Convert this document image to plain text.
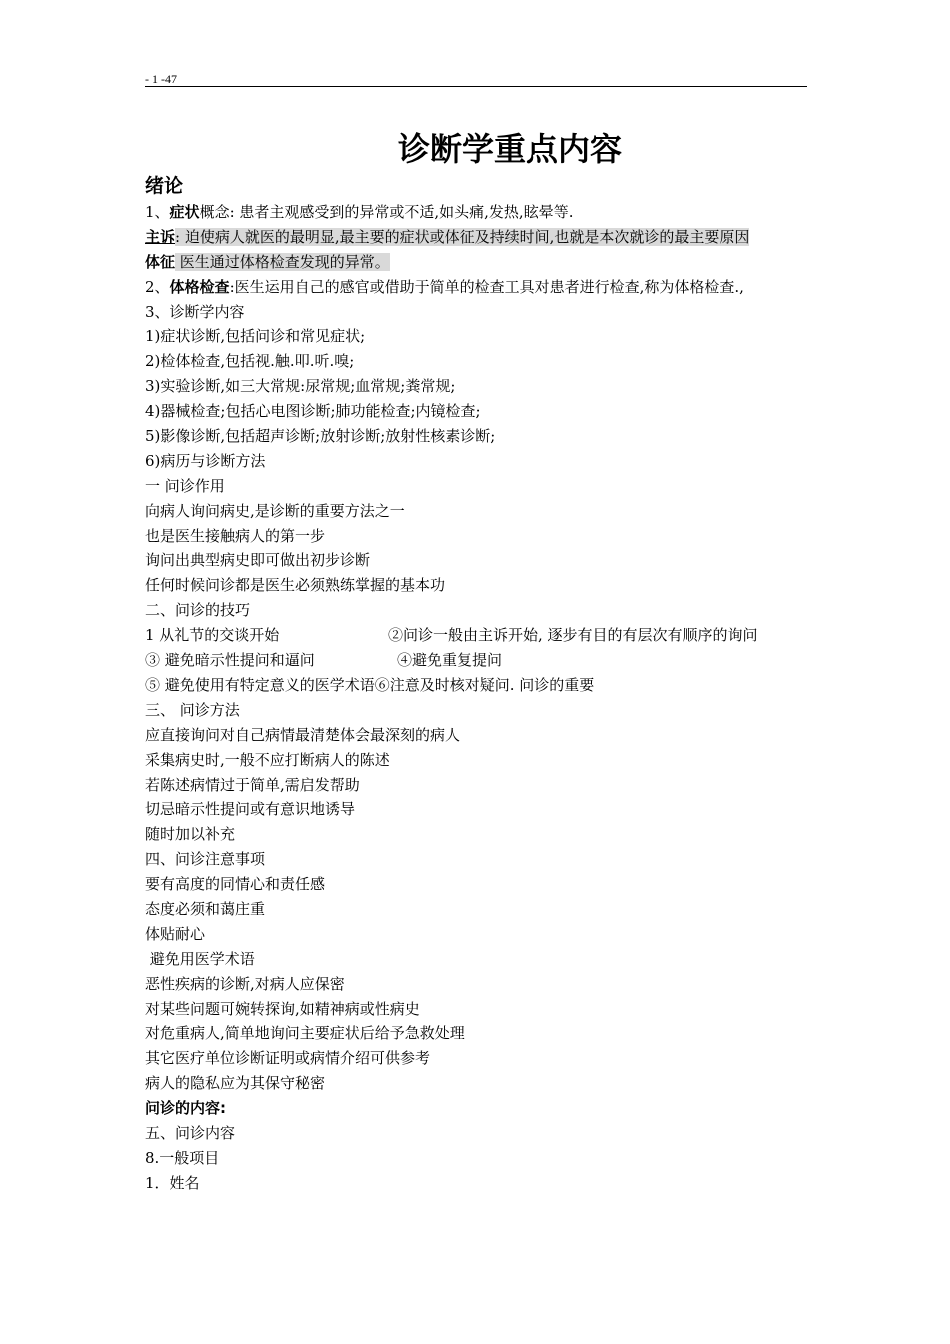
- 1 -47
诊断学重点内容
绪论
1、症状概念: 患者主观感受到的异常或不适,如头痛,发热,眩晕等.
主诉: 迫使病人就医的最明显,最主要的症状或体征及持续时间,也就是本次就诊的最主要原因
体征 医生通过体格检查发现的异常。
2、体格检查:医生运用自己的感官或借助于简单的检查工具对患者进行检查,称为体格检查.,
3、诊断学内容
1)症状诊断,包括问诊和常见症状;
2)检体检查,包括视.触.叩.听.嗅;
3)实验诊断,如三大常规:尿常规;血常规;粪常规;
4)器械检查;包括心电图诊断;肺功能检查;内镜检查;
5)影像诊断,包括超声诊断;放射诊断;放射性核素诊断;
6)病历与诊断方法
一 问诊作用
向病人询问病史,是诊断的重要方法之一
也是医生接触病人的第一步
询问出典型病史即可做出初步诊断
任何时候问诊都是医生必须熟练掌握的基本功
二、问诊的技巧
1 从礼节的交谈开始	②问诊一般由主诉开始, 逐步有目的有层次有顺序的询问
③ 避免暗示性提问和逼问	④避免重复提问
⑤ 避免使用有特定意义的医学术语⑥注意及时核对疑问. 问诊的重要
三、 问诊方法
应直接询问对自己病情最清楚体会最深刻的病人
采集病史时,一般不应打断病人的陈述
若陈述病情过于简单,需启发帮助
切忌暗示性提问或有意识地诱导
随时加以补充
四、问诊注意事项
要有高度的同情心和责任感
态度必须和蔼庄重
体贴耐心
避免用医学术语
恶性疾病的诊断,对病人应保密
对某些问题可婉转探询,如精神病或性病史
对危重病人,简单地询问主要症状后给予急救处理
其它医疗单位诊断证明或病情介绍可供参考
病人的隐私应为其保守秘密
问诊的内容:
五、问诊内容
8.一般项目
1．姓名
